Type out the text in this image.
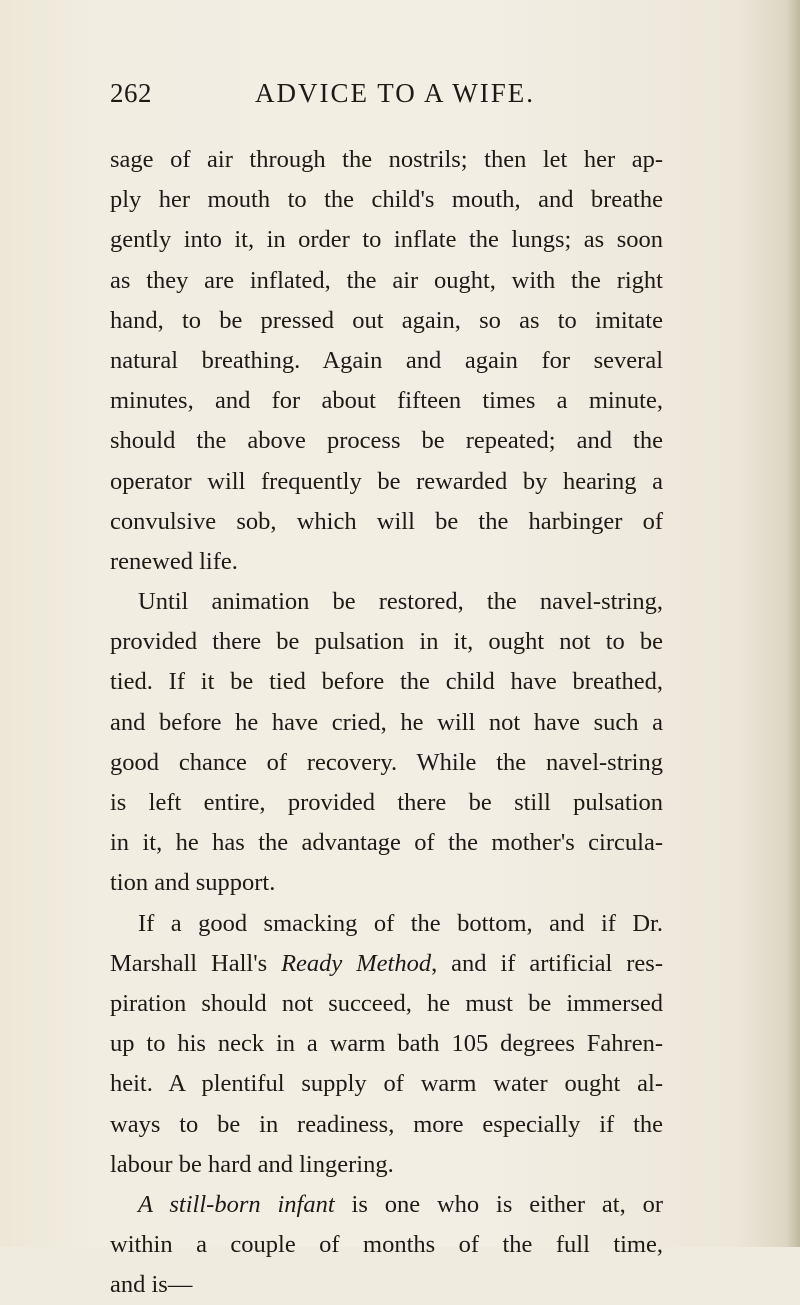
262	ADVICE TO A WIFE.
sage of air through the nostrils; then let her ap-
ply her mouth to the child's mouth, and breathe
gently into it, in order to inflate the lungs; as soon
as they are inflated, the air ought, with the right
hand, to be pressed out again, so as to imitate
natural breathing. Again and again for several
minutes, and for about fifteen times a minute,
should the above process be repeated; and the
operator will frequently be rewarded by hearing a
convulsive sob, which will be the harbinger of
renewed life.
Until animation be restored, the navel-string,
provided there be pulsation in it, ought not to be
tied. If it be tied before the child have breathed,
and before he have cried, he will not have such a
good chance of recovery. While the navel-string
is left entire, provided there be still pulsation
in it, he has the advantage of the mother's circula-
tion and support.
If a good smacking of the bottom, and if Dr.
Marshall Hall's Ready Method, and if artificial res-
piration should not succeed, he must be immersed
up to his neck in a warm bath 105 degrees Fahren-
heit. A plentiful supply of warm water ought al-
ways to be in readiness, more especially if the
labour be hard and lingering.
A still-born infant is one who is either at, or
within a couple of months of the full time,
and is—
